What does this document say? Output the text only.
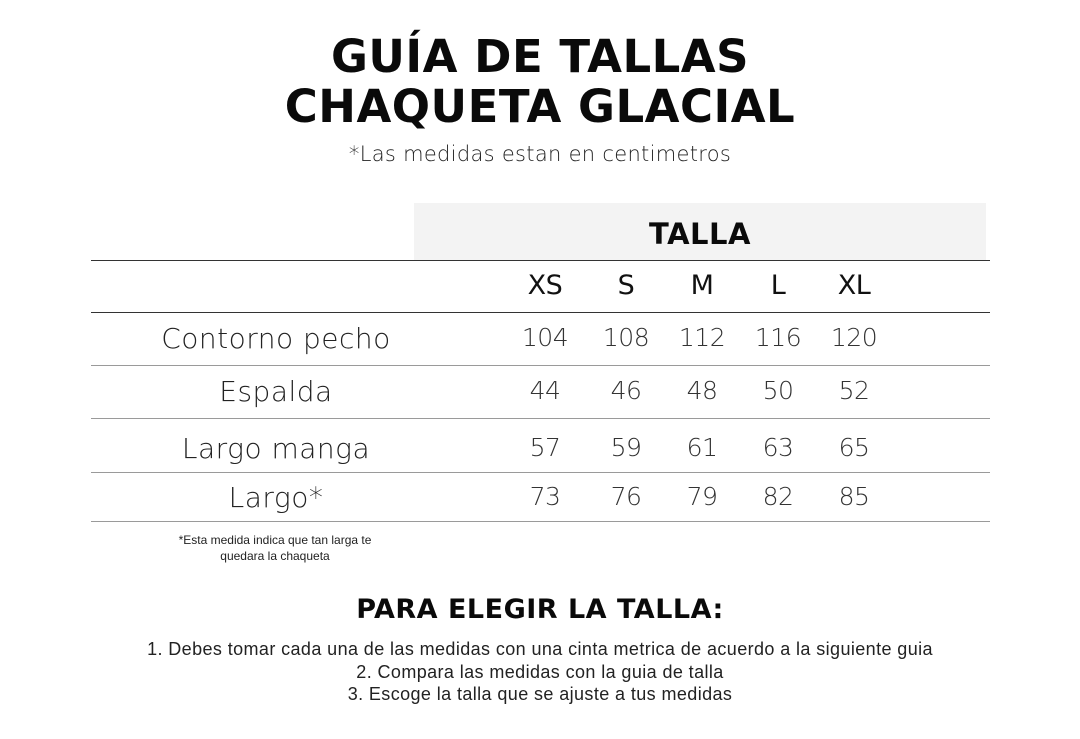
GUÍA DE TALLAS
CHAQUETA GLACIAL
*Las medidas estan en centimetros
TALLA
XS	S	M	L	XL
Contorno pecho	104	108	112	116	120
Espalda	44	46	48	50	52
Largo manga	57	59	61	63	65
Largo*	73	76	79	82	85
*Esta medida indica que tan larga te
quedara la chaqueta
PARA ELEGIR LA TALLA:
1. Debes tomar cada una de las medidas con una cinta metrica de acuerdo a la siguiente guia
2. Compara las medidas con la guia de talla
3. Escoge la talla que se ajuste a tus medidas
